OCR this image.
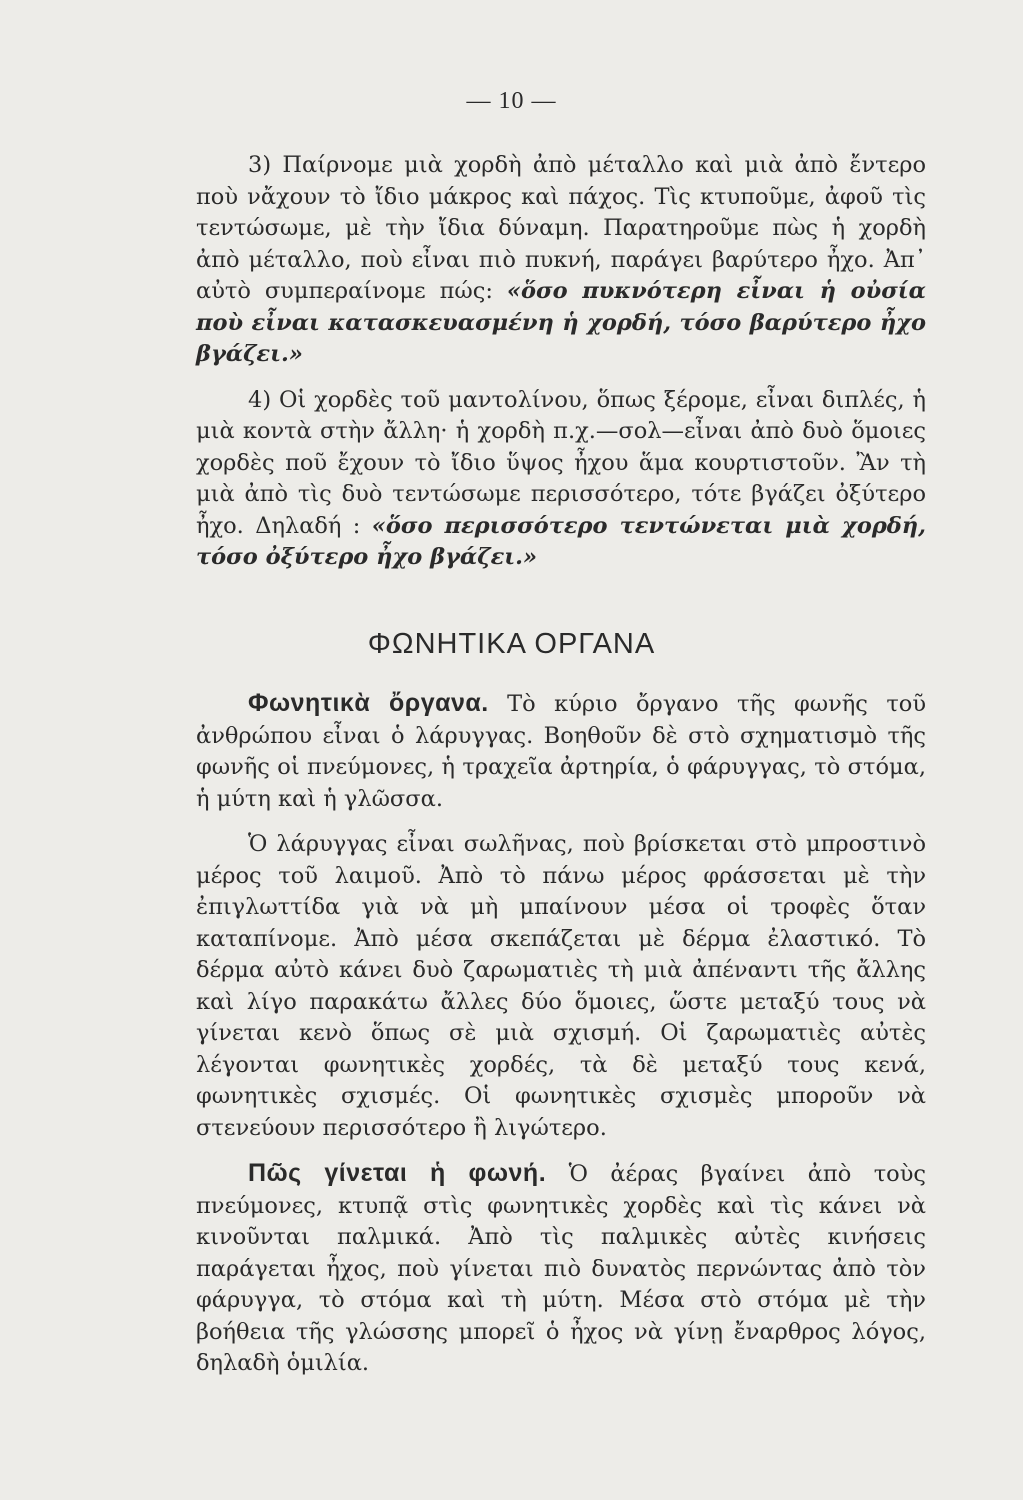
— 10 —

3) Παίρνομε μιὰ χορδὴ ἀπὸ μέταλλο καὶ μιὰ ἀπὸ ἔντερο ποὺ νἄχουν τὸ ἴδιο μάκρος καὶ πάχος. Τὶς κτυποῦμε, ἀφοῦ τὶς τεντώσωμε, μὲ τὴν ἴδια δύναμη. Παρατηροῦμε πὼς ἡ χορδὴ ἀπὸ μέταλλο, ποὺ εἶναι πιὸ πυκνή, παράγει βαρύτερο ἦχο. Ἀπ᾿ αὐτὸ συμπεραίνομε πώς: «ὅσο πυκνότερη εἶναι ἡ οὐσία ποὺ εἶναι κατασκευασμένη ἡ χορδή, τόσο βαρύτερο ἦχο βγάζει.»

4) Οἱ χορδὲς τοῦ μαντολίνου, ὅπως ξέρομε, εἶναι διπλές, ἡ μιὰ κοντὰ στὴν ἄλλη· ἡ χορδὴ π.χ.—σολ—εἶναι ἀπὸ δυὸ ὅμοιες χορδὲς ποῦ ἔχουν τὸ ἴδιο ὕψος ἦχου ἅμα κουρτιστοῦν. Ἂν τὴ μιὰ ἀπὸ τὶς δυὸ τεντώσωμε περισσότερο, τότε βγάζει ὀξύτερο ἦχο. Δηλαδή : «ὅσο περισσότερο τεντώνεται μιὰ χορδή, τόσο ὀξύτερο ἦχο βγάζει.»

ΦΩΝΗΤΙΚΑ ΟΡΓΑΝΑ

Φωνητικὰ ὄργανα. Τὸ κύριο ὄργανο τῆς φωνῆς τοῦ ἀνθρώπου εἶναι ὁ λάρυγγας. Βοηθοῦν δὲ στὸ σχηματισμὸ τῆς φωνῆς οἱ πνεύμονες, ἡ τραχεῖα ἀρτηρία, ὁ φάρυγγας, τὸ στόμα, ἡ μύτη καὶ ἡ γλῶσσα.

Ὁ λάρυγγας εἶναι σωλῆνας, ποὺ βρίσκεται στὸ μπροστινὸ μέρος τοῦ λαιμοῦ. Ἀπὸ τὸ πάνω μέρος φράσσεται μὲ τὴν ἐπιγλωττίδα γιὰ νὰ μὴ μπαίνουν μέσα οἱ τροφὲς ὅταν καταπίνομε. Ἀπὸ μέσα σκεπάζεται μὲ δέρμα ἐλαστικό. Τὸ δέρμα αὐτὸ κάνει δυὸ ζαρωματιὲς τὴ μιὰ ἀπέναντι τῆς ἄλλης καὶ λίγο παρακάτω ἄλλες δύο ὅμοιες, ὥστε μεταξύ τους νὰ γίνεται κενὸ ὅπως σὲ μιὰ σχισμή. Οἱ ζαρωματιὲς αὐτὲς λέγονται φωνητικὲς χορδές, τὰ δὲ μεταξύ τους κενά, φωνητικὲς σχισμές. Οἱ φωνητικὲς σχισμὲς μποροῦν νὰ στενεύουν περισσότερο ἢ λιγώτερο.

Πῶς γίνεται ἡ φωνή. Ὁ ἀέρας βγαίνει ἀπὸ τοὺς πνεύμονες, κτυπᾷ στὶς φωνητικὲς χορδὲς καὶ τὶς κάνει νὰ κινοῦνται παλμικά. Ἀπὸ τὶς παλμικὲς αὐτὲς κινήσεις παράγεται ἦχος, ποὺ γίνεται πιὸ δυνατὸς περνώντας ἀπὸ τὸν φάρυγγα, τὸ στόμα καὶ τὴ μύτη. Μέσα στὸ στόμα μὲ τὴν βοήθεια τῆς γλώσσης μπορεῖ ὁ ἦχος νὰ γίνῃ ἔναρθρος λόγος, δηλαδὴ ὁμιλία.
